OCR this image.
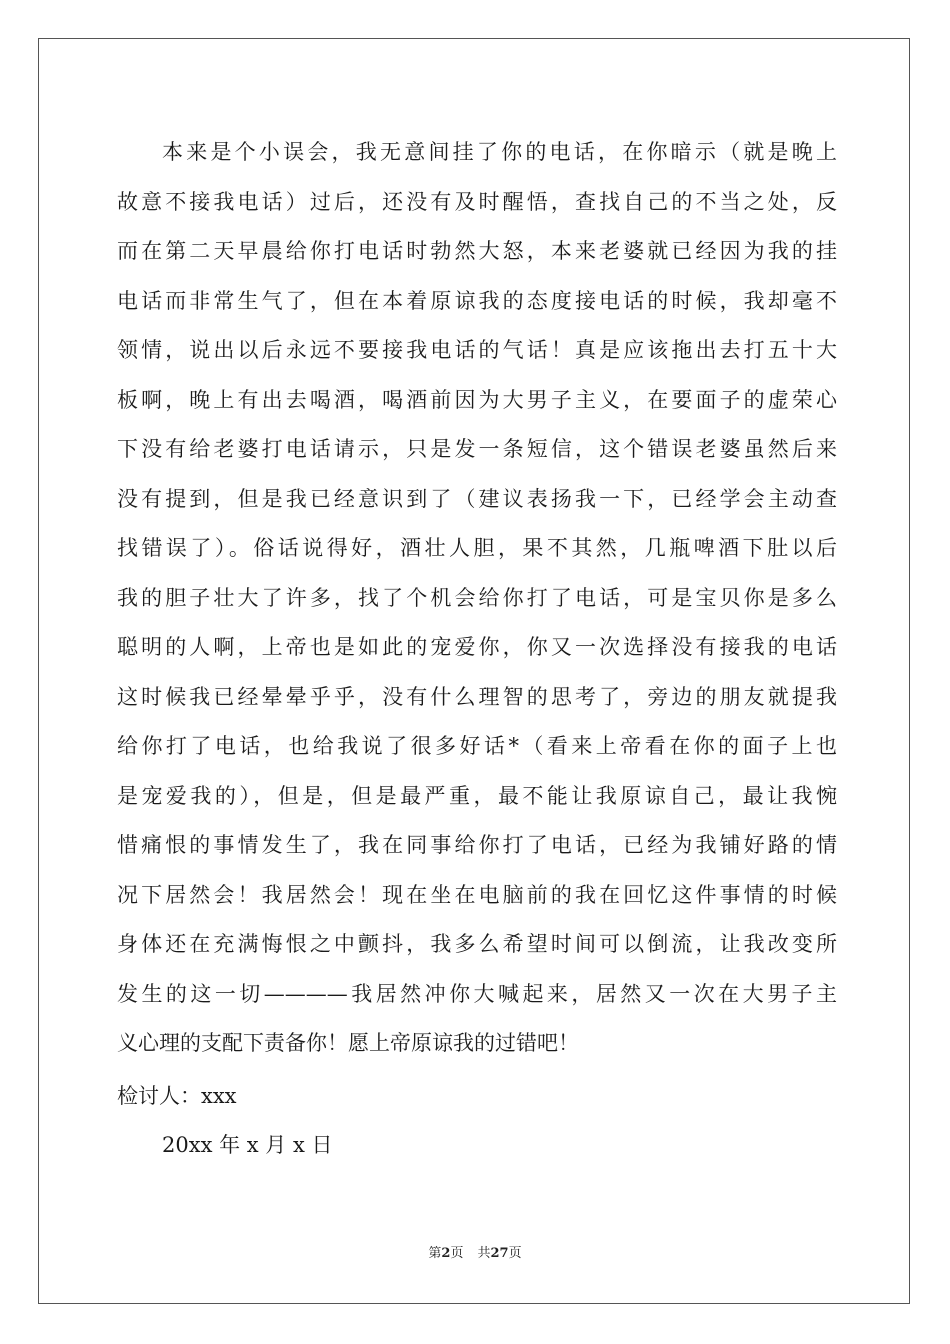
本来是个小误会，我无意间挂了你的电话，在你暗示（就是晚上
故意不接我电话）过后，还没有及时醒悟，查找自己的不当之处，反
而在第二天早晨给你打电话时勃然大怒，本来老婆就已经因为我的挂
电话而非常生气了，但在本着原谅我的态度接电话的时候，我却毫不
领情，说出以后永远不要接我电话的气话！真是应该拖出去打五十大
板啊，晚上有出去喝酒，喝酒前因为大男子主义，在要面子的虚荣心
下没有给老婆打电话请示，只是发一条短信，这个错误老婆虽然后来
没有提到，但是我已经意识到了（建议表扬我一下，已经学会主动查
找错误了）。俗话说得好，酒壮人胆，果不其然，几瓶啤酒下肚以后
我的胆子壮大了许多，找了个机会给你打了电话，可是宝贝你是多么
聪明的人啊，上帝也是如此的宠爱你，你又一次选择没有接我的电话
这时候我已经晕晕乎乎，没有什么理智的思考了，旁边的朋友就提我
给你打了电话，也给我说了很多好话*（看来上帝看在你的面子上也
是宠爱我的），但是，但是最严重，最不能让我原谅自己，最让我惋
惜痛恨的事情发生了，我在同事给你打了电话，已经为我铺好路的情
况下居然会！我居然会！现在坐在电脑前的我在回忆这件事情的时候
身体还在充满悔恨之中颤抖，我多么希望时间可以倒流，让我改变所
发生的这一切————我居然冲你大喊起来，居然又一次在大男子主
义心理的支配下责备你！愿上帝原谅我的过错吧！
检讨人：xxx
20xx 年 x 月 x 日
第2页 共27页
